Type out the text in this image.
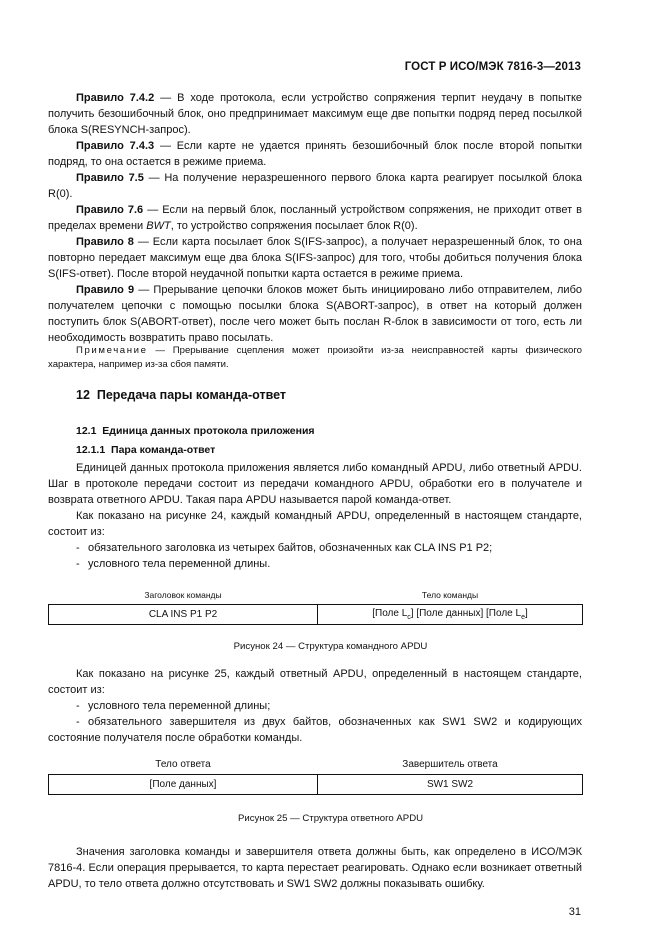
ГОСТ Р ИСО/МЭК 7816-3—2013

Правило 7.4.2 — В ходе протокола, если устройство сопряжения терпит неудачу в попытке получить безошибочный блок, оно предпринимает максимум еще две попытки подряд перед посылкой блока S(RESYNCH-запрос).

Правило 7.4.3 — Если карте не удается принять безошибочный блок после второй попытки подряд, то она остается в режиме приема.

Правило 7.5 — На получение неразрешенного первого блока карта реагирует посылкой блока R(0).

Правило 7.6 — Если на первый блок, посланный устройством сопряжения, не приходит ответ в пределах времени BWT, то устройство сопряжения посылает блок R(0).

Правило 8 — Если карта посылает блок S(IFS-запрос), а получает неразрешенный блок, то она повторно передает максимум еще два блока S(IFS-запрос) для того, чтобы добиться получения блока S(IFS-ответ). После второй неудачной попытки карта остается в режиме приема.

Правило 9 — Прерывание цепочки блоков может быть инициировано либо отправителем, либо получателем цепочки с помощью посылки блока S(ABORT-запрос), в ответ на который должен поступить блок S(ABORT-ответ), после чего может быть послан R-блок в зависимости от того, есть ли необходимость возвратить право посылать.

Примечание — Прерывание сцепления может произойти из-за неисправностей карты физического характера, например из-за сбоя памяти.

12 Передача пары команда-ответ
12.1 Единица данных протокола приложения
12.1.1 Пара команда-ответ

Единицей данных протокола приложения является либо командный APDU, либо ответный APDU. Шаг в протоколе передачи состоит из передачи командного APDU, обработки его в получателе и возврата ответного APDU. Такая пара APDU называется парой команда-ответ.

Как показано на рисунке 24, каждый командный APDU, определенный в настоящем стандарте, состоит из:

- обязательного заголовка из четырех байтов, обозначенных как CLA INS P1 P2;
- условного тела переменной длины.
Заголовок команды	Тело команды
CLA INS P1 P2	[Поле $L_c$] [Поле данных] [Поле $L_e$]
Рисунок 24 — Структура командного APDU

Как показано на рисунке 25, каждый ответный APDU, определенный в настоящем стандарте, состоит из:

- условного тела переменной длины;

- обязательного завершителя из двух байтов, обозначенных как SW1 SW2 и кодирующих состояние получателя после обработки команды.

Тело ответа	Завершитель ответа
[Поле данных]	SW1 SW2
Рисунок 25 — Структура ответного APDU

Значения заголовка команды и завершителя ответа должны быть, как определено в ИСО/МЭК 7816-4. Если операция прерывается, то карта перестает реагировать. Однако если возникает ответный APDU, то тело ответа должно отсутствовать и SW1 SW2 должны показывать ошибку.

31
